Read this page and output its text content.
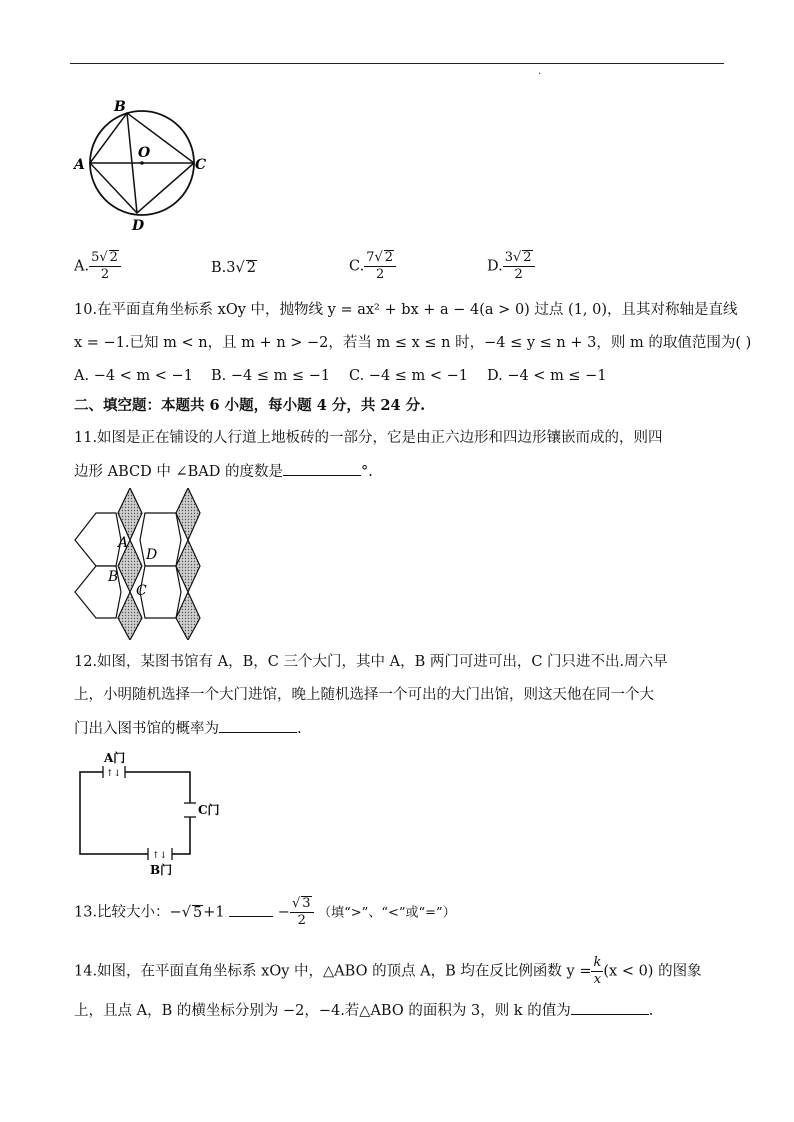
.
B
A
O
C
D
A. $\frac{5√ 2}{2}$	B.3√ 2	C. $\frac{7√ 2}{2}$	D. $\frac{3√ 2}{2}$
10.在平面直角坐标系 xOy 中，抛物线 y = ax² + bx + a − 4(a > 0) 过点 (1, 0)，且其对称轴是直线
x = −1.已知 m < n，且 m + n > −2，若当 m ≤ x ≤ n 时，−4 ≤ y ≤ n + 3，则 m 的取值范围为( )
A. −4 < m < −1 B. −4 ≤ m ≤ −1 C. −4 ≤ m < −1 D. −4 < m ≤ −1
二、填空题：本题共 6 小题，每小题 4 分，共 24 分.
11.如图是正在铺设的人行道上地板砖的一部分，它是由正六边形和四边形镶嵌而成的，则四
边形 ABCD 中 ∠BAD 的度数是	°.
A
D
B
C
12.如图，某图书馆有 A，B，C 三个大门，其中 A，B 两门可进可出，C 门只进不出.周六早
上，小明随机选择一个大门进馆，晚上随机选择一个可出的大门出馆，则这天他在同一个大
门出入图书馆的概率为	.
↑↓
↑↓
A门
B门
C门
13.比较大小：−√ 5+1	− $\frac{√ 3}{2}$ （填“>”、“<”或“=”）
14.如图，在平面直角坐标系 xOy 中，△ABO 的顶点 A，B 均在反比例函数 $y = \frac{k}{x} (x < 0)$ 的图象
上，且点 A，B 的横坐标分别为 −2，−4.若△ABO 的面积为 3，则 k 的值为	.
